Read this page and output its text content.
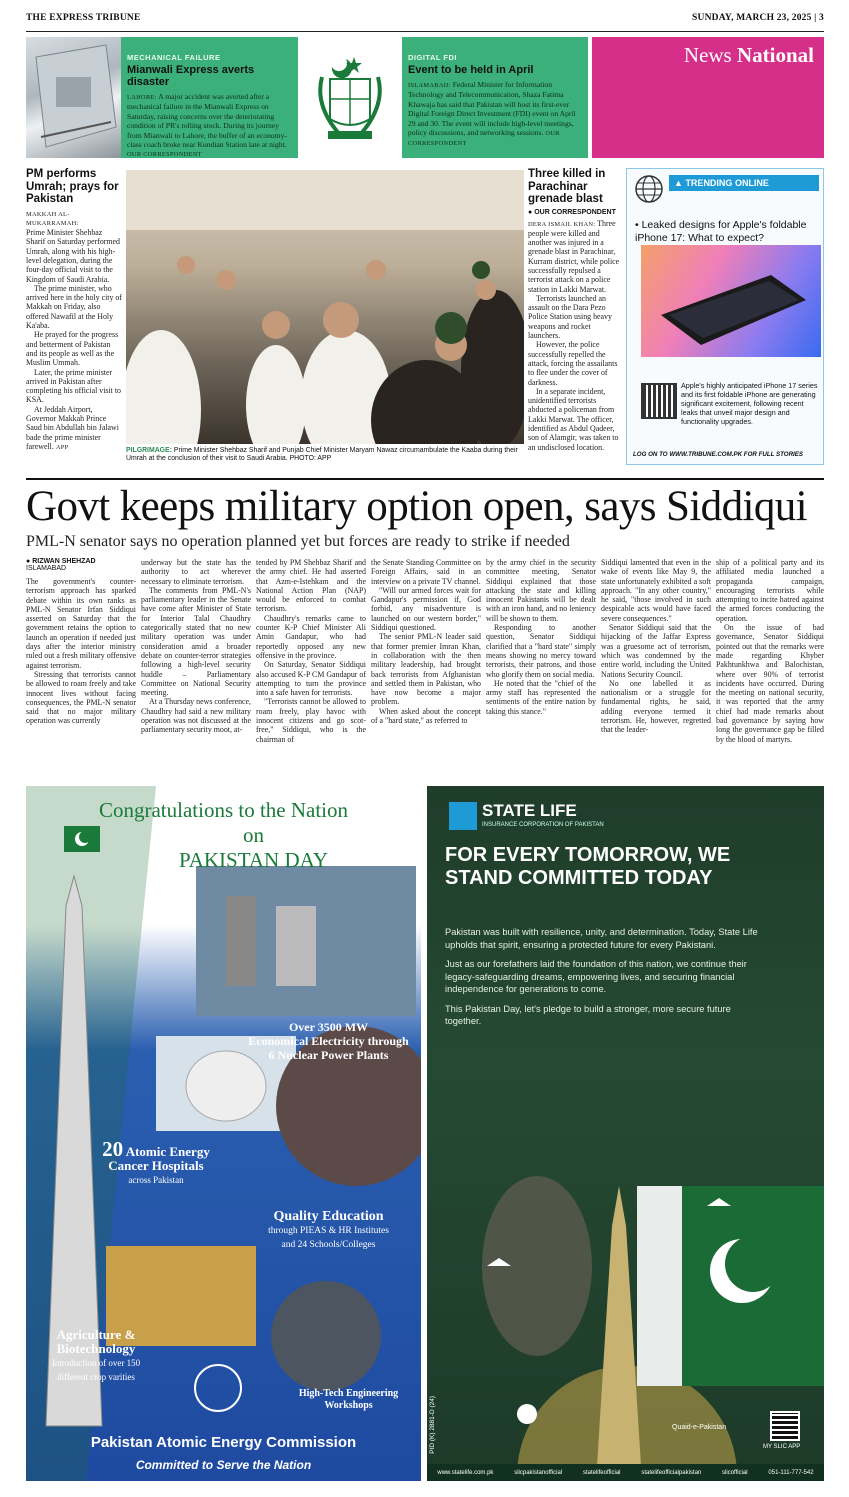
THE EXPRESS TRIBUNE	SUNDAY, MARCH 23, 2025 | 3
MECHANICAL FAILURE
Mianwali Express averts disaster
LAHORE: A major accident was averted after a mechanical failure in the Mianwali Express on Saturday, raising concerns over the deteriorating condition of PR's rolling stock. During its journey from Mianwali to Lahore, the buffer of an economy-class coach broke near Kundian Station late at night. OUR CORRESPONDENT
DIGITAL FDI
Event to be held in April
ISLAMABAD: Federal Minister for Information Technology and Telecommunication, Shaza Fatima Khawaja has said that Pakistan will host its first-ever Digital Foreign Direct Investment (FDI) event on April 29 and 30. The event will include high-level meetings, policy discussions, and networking sessions. OUR CORRESPONDENT
News National
PM performs Umrah; prays for Pakistan
MAKKAH AL-MUKARRAMAH:

Prime Minister Shehbaz Sharif on Saturday performed Umrah, along with his high-level delegation, during the four-day official visit to the Kingdom of Saudi Arabia.

The prime minister, who arrived here in the holy city of Makkah on Friday, also offered Nawafil at the Holy Ka'aba.

He prayed for the progress and betterment of Pakistan and its people as well as the Muslim Ummah.

Later, the prime minister arrived in Pakistan after completing his official visit to KSA.

At Jeddah Airport, Governor Makkah Prince Saud bin Abdullah bin Jalawi bade the prime minister farewell. APP	PILGRIMAGE: Prime Minister Shehbaz Sharif and Punjab Chief Minister Maryam Nawaz circumambulate the Kaaba during their Umrah at the conclusion of their visit to Saudi Arabia. PHOTO: APP
Three killed in Parachinar grenade blast
● OUR CORRESPONDENT

DERA ISMAIL KHAN: Three people were killed and another was injured in a grenade blast in Parachinar, Kurram district, while police successfully repulsed a terrorist attack on a police station in Lakki Marwat.

Terrorists launched an assault on the Dara Pezo Police Station using heavy weapons and rocket launchers.

However, the police successfully repelled the attack, forcing the assailants to flee under the cover of darkness.

In a separate incident, unidentified terrorists abducted a policeman from Lakki Marwat. The officer, identified as Abdul Qadeer, son of Alamgir, was taken to an undisclosed location.

▲ TRENDING ONLINE
• Leaked designs for Apple's foldable iPhone 17: What to expect?
Apple's highly anticipated iPhone 17 series and its first foldable iPhone are generating significant excitement, following recent leaks that unveil major design and functionality upgrades.
LOG ON TO WWW.TRIBUNE.COM.PK FOR FULL STORIES
Govt keeps military option open, says Siddiqui
PML-N senator says no operation planned yet but forces are ready to strike if needed
● RIZWAN SHEHZAD
ISLAMABAD

The government's counter-terrorism approach has sparked debate within its own ranks as PML-N Senator Irfan Siddiqui asserted on Saturday that the government retains the option to launch an operation if needed just days after the interior ministry ruled out a fresh military offensive against terrorism.

Stressing that terrorists cannot be allowed to roam freely and take innocent lives without facing consequences, the PML-N senator said that no major military operation was currently

underway but the state has the authority to act wherever necessary to eliminate terrorism.

The comments from PML-N's parliamentary leader in the Senate have come after Minister of State for Interior Talal Chaudhry categorically stated that no new military operation was under consideration amid a broader debate on counter-terror strategies following a high-level security huddle – Parliamentary Committee on National Security meeting.

At a Thursday news conference, Chaudhry had said a new military operation was not discussed at the parliamentary security moot, at-

tended by PM Shehbaz Sharif and the army chief. He had asserted that Azm-e-Istehkam and the National Action Plan (NAP) would be enforced to combat terrorism.

Chaudhry's remarks came to counter K-P Chief Minister Ali Amin Gandapur, who had reportedly opposed any new offensive in the province.

On Saturday, Senator Siddiqui also accused K-P CM Gandapur of attempting to turn the province into a safe haven for terrorists.

"Terrorists cannot be allowed to roam freely, play havoc with innocent citizens and go scot-free," Siddiqui, who is the chairman of

the Senate Standing Committee on Foreign Affairs, said in an interview on a private TV channel.

"Will our armed forces wait for Gandapur's permission if, God forbid, any misadventure is launched on our western border," Siddiqui questioned.

The senior PML-N leader said that former premier Imran Khan, in collaboration with the then military leadership, had brought back terrorists from Afghanistan and settled them in Pakistan, who have now become a major problem.

When asked about the concept of a "hard state," as referred to

by the army chief in the security committee meeting, Senator Siddiqui explained that those attacking the state and killing innocent Pakistanis will be dealt with an iron hand, and no leniency will be shown to them.

Responding to another question, Senator Siddiqui clarified that a "hard state" simply means showing no mercy toward terrorists, their patrons, and those who glorify them on social media.

He noted that the "chief of the army staff has represented the sentiments of the entire nation by taking this stance."

Siddiqui lamented that even in the wake of events like May 9, the state unfortunately exhibited a soft approach. "In any other country," he said, "those involved in such despicable acts would have faced severe consequences."

Senator Siddiqui said that the hijacking of the Jaffar Express was a gruesome act of terrorism, which was condemned by the entire world, including the United Nations Security Council.

No one labelled it as nationalism or a struggle for fundamental rights, he said, adding everyone termed it terrorism. He, however, regretted that the leader-

ship of a political party and its affiliated media launched a propaganda campaign, encouraging terrorists while attempting to incite hatred against the armed forces conducting the operation.

On the issue of bad governance, Senator Siddiqui pointed out that the remarks were made regarding Khyber Pakhtunkhwa and Balochistan, where over 90% of terrorist incidents have occurred. During the meeting on national security, it was reported that the army chief had made remarks about bad governance by saying how long the governance gap be filled by the blood of martyrs.

Congratulations to the Nation
on
PAKISTAN DAY
Over 3500 MW
Economical Electricity through
6 Nuclear Power Plants
20 Atomic Energy
Cancer Hospitals
across Pakistan
Quality Education
through PIEAS & HR Institutes
and 24 Schools/Colleges
Agriculture &
Biotechnology
Introduction of over 150
different crop varities
High-Tech Engineering
Workshops
Pakistan Atomic Energy Commission
Committed to Serve the Nation
STATE LIFE
INSURANCE CORPORATION OF PAKISTAN
FOR EVERY TOMORROW, WE STAND COMMITTED TODAY

Pakistan was built with resilience, unity, and determination. Today, State Life upholds that spirit, ensuring a protected future for every Pakistani.

Just as our forefathers laid the foundation of this nation, we continue their legacy-safeguarding dreams, empowering lives, and securing financial independence for generations to come.

This Pakistan Day, let's pledge to build a stronger, more secure future together.

PID (K) 2881-D (24)	Quaid-e-Pakistan
MY SLIC APP
www.statelife.com.pk	slicpakistanofficial	statelifeofficial	statelifeofficialpakistan	slicofficial	051-111-777-542
